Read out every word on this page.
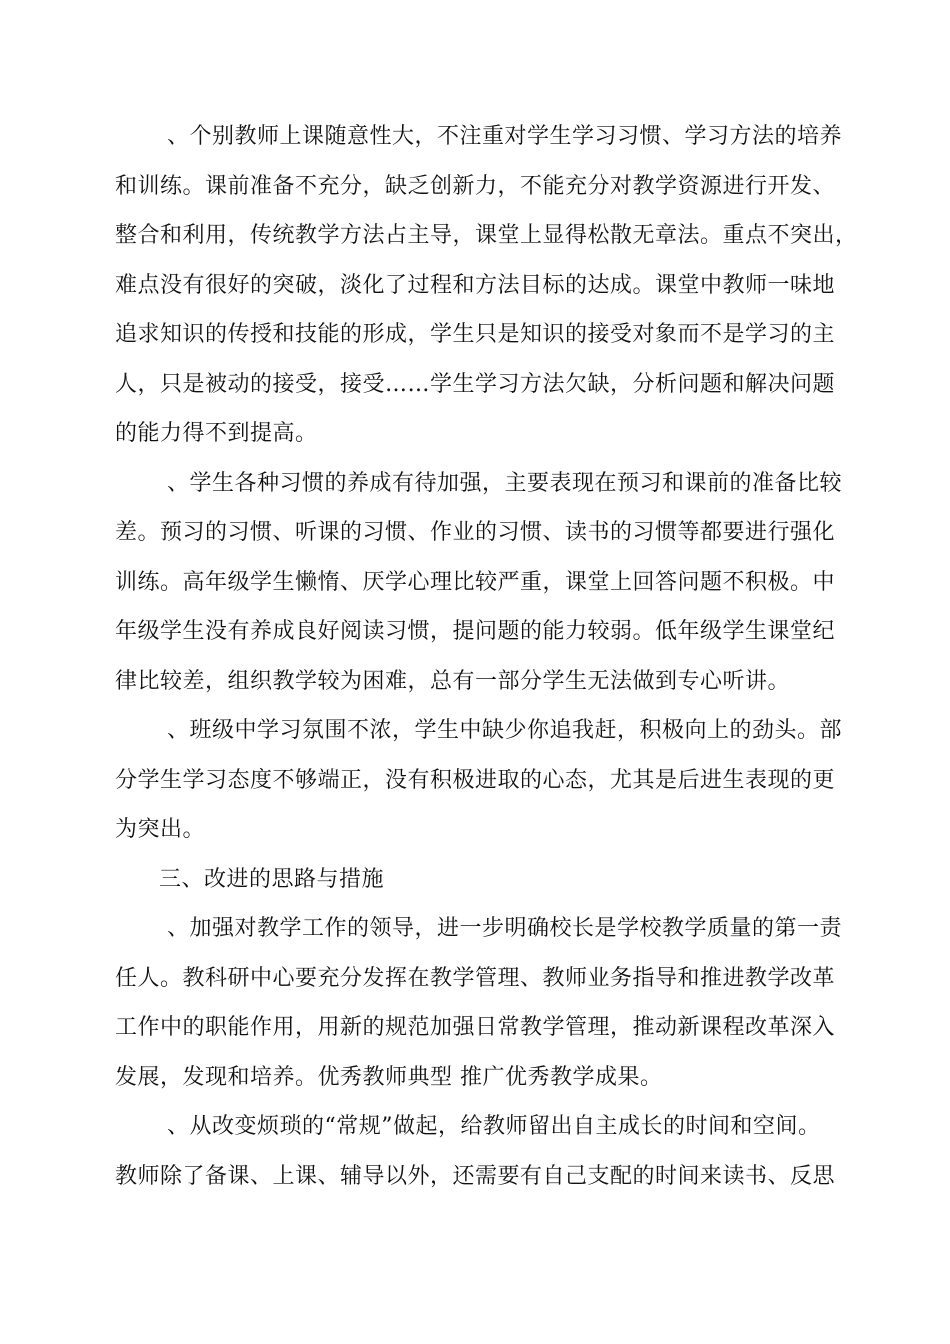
、个别教师上课随意性大，不注重对学生学习习惯、学习方法的培养
和训练。课前准备不充分，缺乏创新力，不能充分对教学资源进行开发、
整合和利用，传统教学方法占主导，课堂上显得松散无章法。重点不突出，
难点没有很好的突破，淡化了过程和方法目标的达成。课堂中教师一味地
追求知识的传授和技能的形成，学生只是知识的接受对象而不是学习的主
人，只是被动的接受，接受……学生学习方法欠缺，分析问题和解决问题
的能力得不到提高。
、学生各种习惯的养成有待加强，主要表现在预习和课前的准备比较
差。预习的习惯、听课的习惯、作业的习惯、读书的习惯等都要进行强化
训练。高年级学生懒惰、厌学心理比较严重，课堂上回答问题不积极。中
年级学生没有养成良好阅读习惯，提问题的能力较弱。低年级学生课堂纪
律比较差，组织教学较为困难，总有一部分学生无法做到专心听讲。
、班级中学习氛围不浓，学生中缺少你追我赶，积极向上的劲头。部
分学生学习态度不够端正，没有积极进取的心态，尤其是后进生表现的更
为突出。
三、改进的思路与措施
、加强对教学工作的领导，进一步明确校长是学校教学质量的第一责
任人。教科研中心要充分发挥在教学管理、教师业务指导和推进教学改革
工作中的职能作用，用新的规范加强日常教学管理，推动新课程改革深入
发展，发现和培养。优秀教师典型 推广优秀教学成果。
、从改变烦琐的“常规”做起，给教师留出自主成长的时间和空间。
教师除了备课、上课、辅导以外，还需要有自己支配的时间来读书、反思
